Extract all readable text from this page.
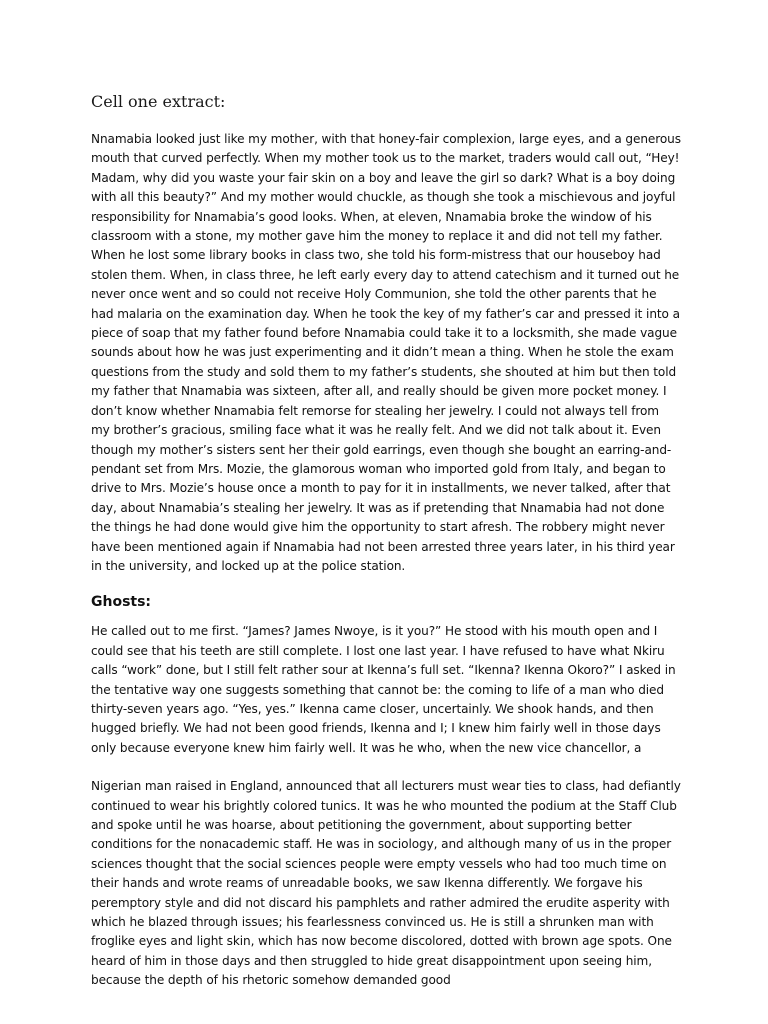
Cell one extract:

Nnamabia looked just like my mother, with that honey-fair complexion, large eyes, and a generous mouth that curved perfectly. When my mother took us to the market, traders would call out, “Hey! Madam, why did you waste your fair skin on a boy and leave the girl so dark? What is a boy doing with all this beauty?” And my mother would chuckle, as though she took a mischievous and joyful responsibility for Nnamabia’s good looks. When, at eleven, Nnamabia broke the window of his classroom with a stone, my mother gave him the money to replace it and did not tell my father. When he lost some library books in class two, she told his form-mistress that our houseboy had stolen them. When, in class three, he left early every day to attend catechism and it turned out he never once went and so could not receive Holy Communion, she told the other parents that he had malaria on the examination day. When he took the key of my father’s car and pressed it into a piece of soap that my father found before Nnamabia could take it to a locksmith, she made vague sounds about how he was just experimenting and it didn’t mean a thing. When he stole the exam questions from the study and sold them to my father’s students, she shouted at him but then told my father that Nnamabia was sixteen, after all, and really should be given more pocket money. I don’t know whether Nnamabia felt remorse for stealing her jewelry. I could not always tell from my brother’s gracious, smiling face what it was he really felt. And we did not talk about it. Even though my mother’s sisters sent her their gold earrings, even though she bought an earring-and-pendant set from Mrs. Mozie, the glamorous woman who imported gold from Italy, and began to drive to Mrs. Mozie’s house once a month to pay for it in installments, we never talked, after that day, about Nnamabia’s stealing her jewelry. It was as if pretending that Nnamabia had not done the things he had done would give him the opportunity to start afresh. The robbery might never have been mentioned again if Nnamabia had not been arrested three years later, in his third year in the university, and locked up at the police station.

Ghosts:

He called out to me first. “James? James Nwoye, is it you?” He stood with his mouth open and I could see that his teeth are still complete. I lost one last year. I have refused to have what Nkiru calls “work” done, but I still felt rather sour at Ikenna’s full set. “Ikenna? Ikenna Okoro?” I asked in the tentative way one suggests something that cannot be: the coming to life of a man who died thirty-seven years ago. “Yes, yes.” Ikenna came closer, uncertainly. We shook hands, and then hugged briefly. We had not been good friends, Ikenna and I; I knew him fairly well in those days only because everyone knew him fairly well. It was he who, when the new vice chancellor, a

Nigerian man raised in England, announced that all lecturers must wear ties to class, had defiantly continued to wear his brightly colored tunics. It was he who mounted the podium at the Staff Club and spoke until he was hoarse, about petitioning the government, about supporting better conditions for the nonacademic staff. He was in sociology, and although many of us in the proper sciences thought that the social sciences people were empty vessels who had too much time on their hands and wrote reams of unreadable books, we saw Ikenna differently. We forgave his peremptory style and did not discard his pamphlets and rather admired the erudite asperity with which he blazed through issues; his fearlessness convinced us. He is still a shrunken man with froglike eyes and light skin, which has now become discolored, dotted with brown age spots. One heard of him in those days and then struggled to hide great disappointment upon seeing him, because the depth of his rhetoric somehow demanded good
